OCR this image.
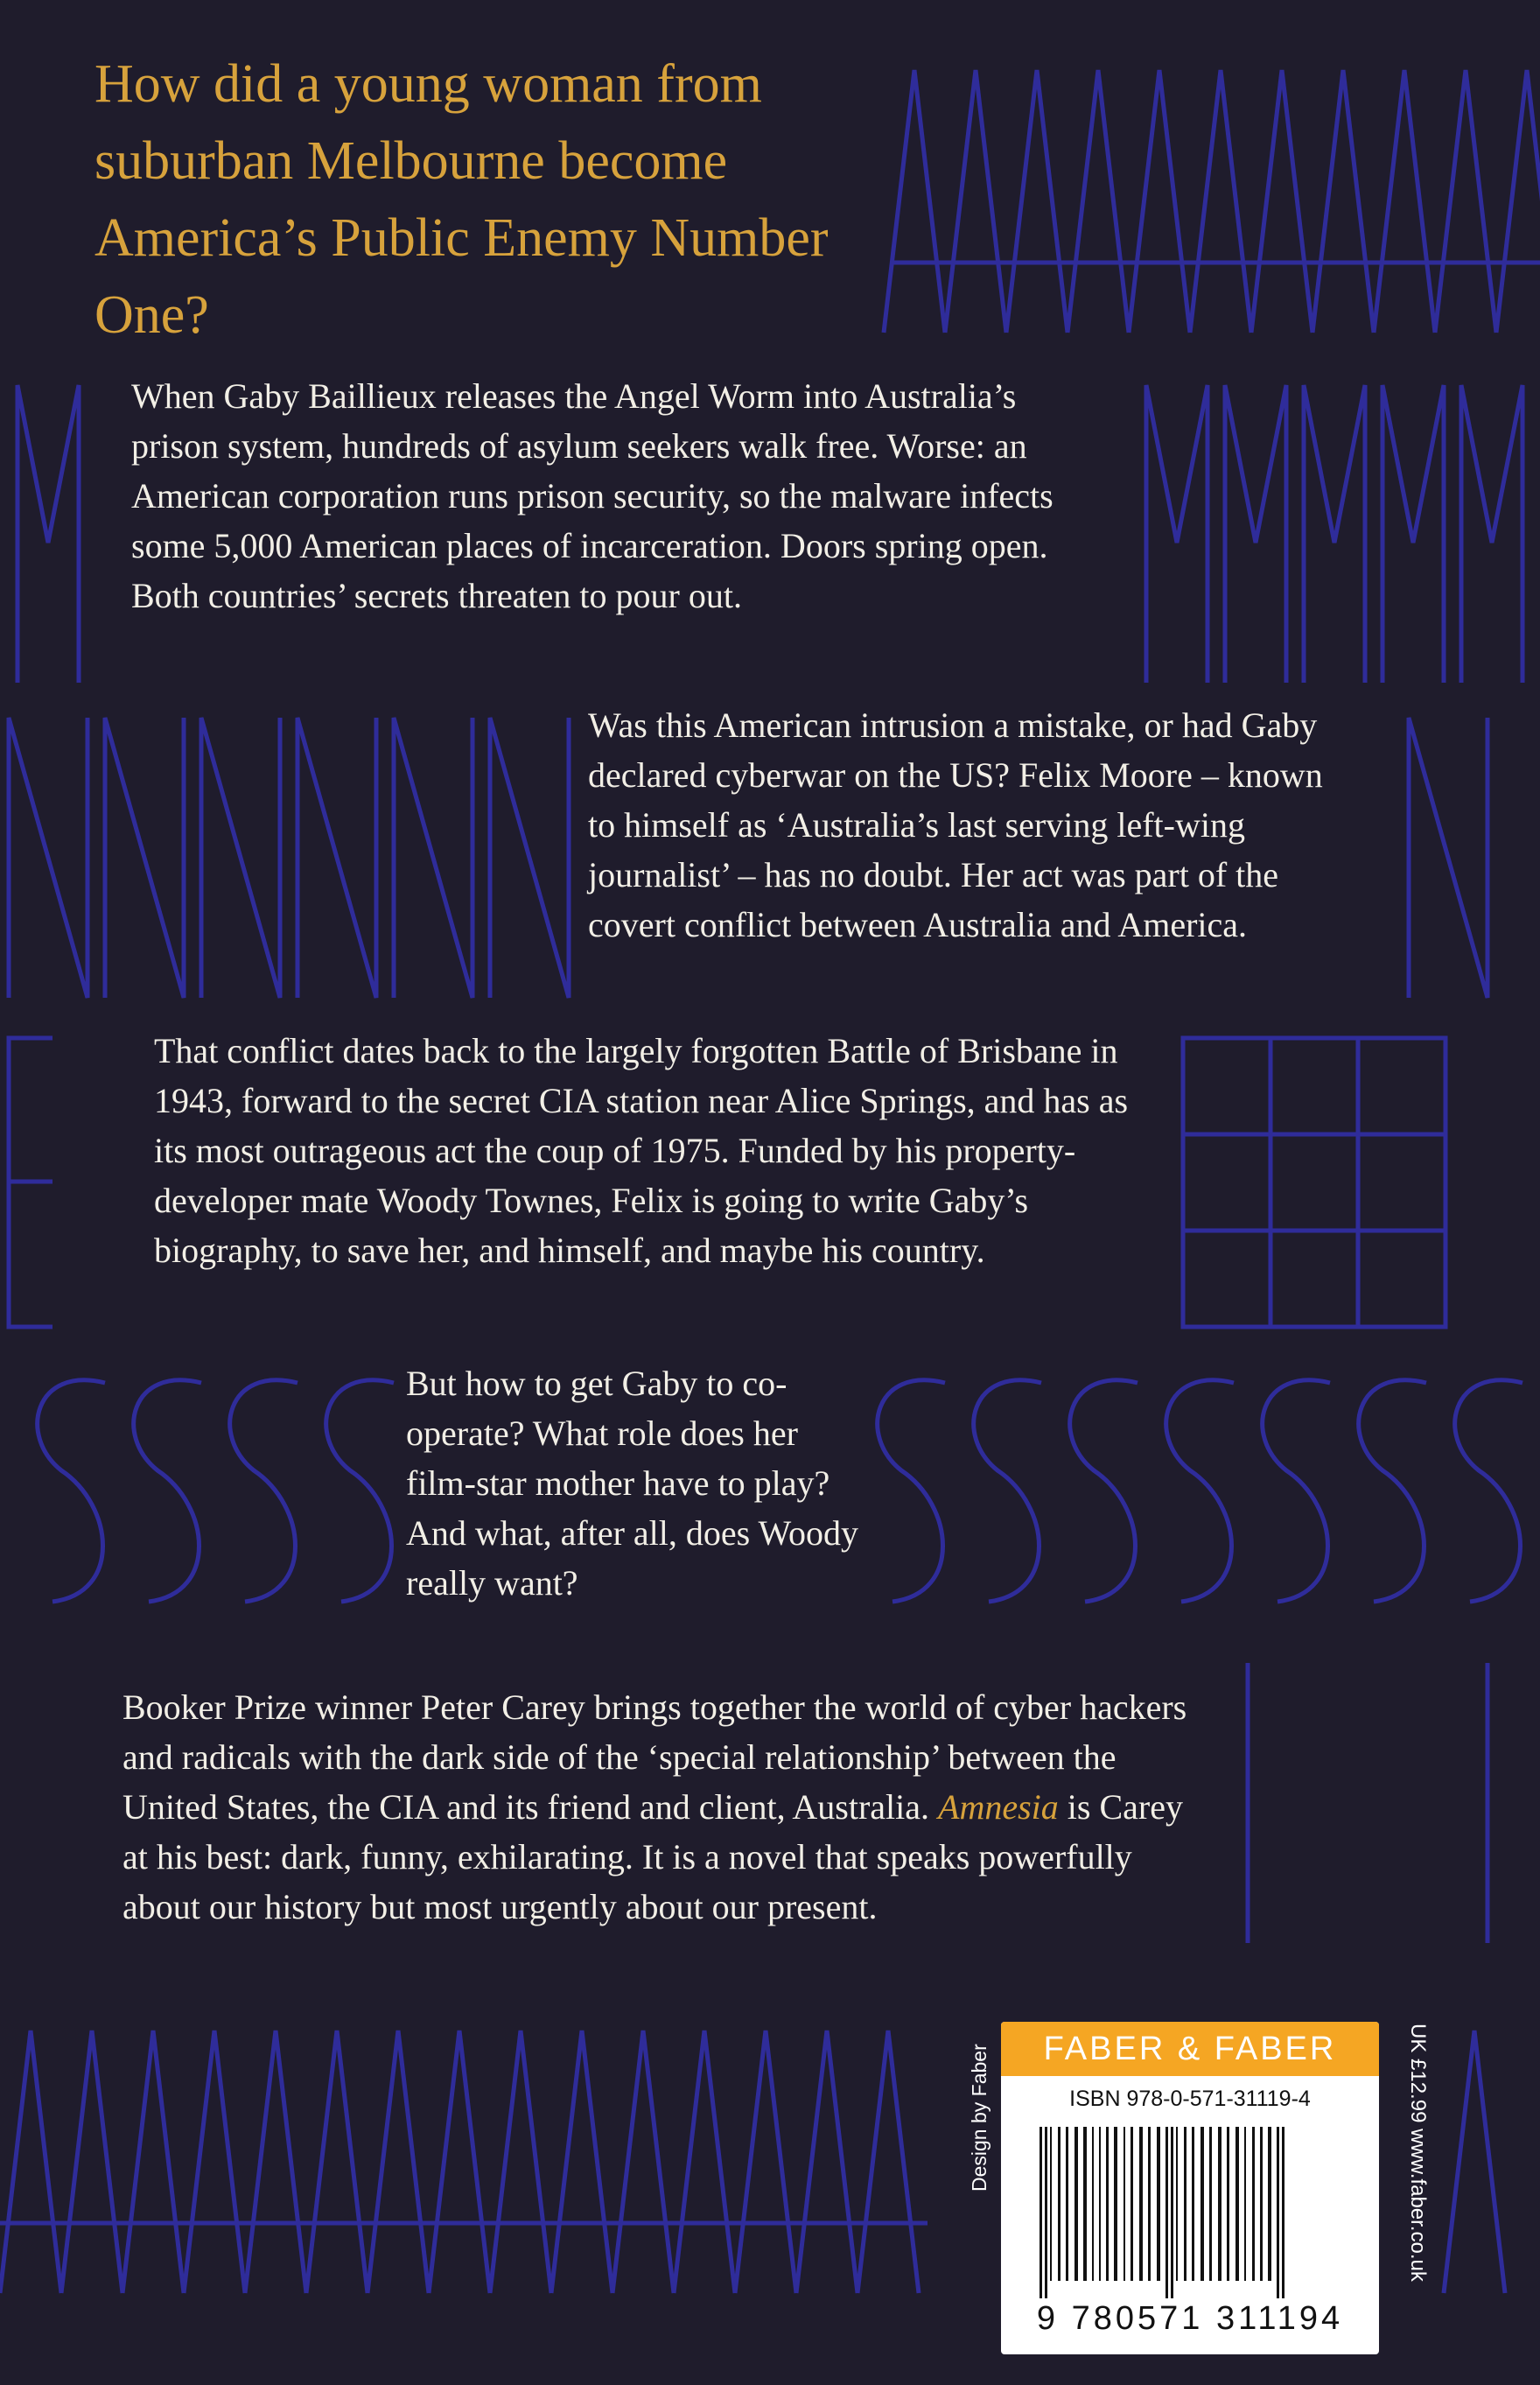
How did a young woman from suburban Melbourne become America’s Public Enemy Number One?

When Gaby Baillieux releases the Angel Worm into Australia’s prison system, hundreds of asylum seekers walk free. Worse: an American corporation runs prison security, so the malware infects some 5,000 American places of incarceration. Doors spring open. Both countries’ secrets threaten to pour out.

Was this American intrusion a mistake, or had Gaby declared cyberwar on the US? Felix Moore – known to himself as ‘Australia’s last serving left-wing journalist’ – has no doubt. Her act was part of the covert conflict between Australia and America.

That conflict dates back to the largely forgotten Battle of Brisbane in 1943, forward to the secret CIA station near Alice Springs, and has as its most outrageous act the coup of 1975. Funded by his property-developer mate Woody Townes, Felix is going to write Gaby’s biography, to save her, and himself, and maybe his country.

But how to get Gaby to co-operate? What role does her film-star mother have to play? And what, after all, does Woody really want?

Booker Prize winner Peter Carey brings together the world of cyber hackers and radicals with the dark side of the ‘special relationship’ between the United States, the CIA and its friend and client, Australia. Amnesia is Carey at his best: dark, funny, exhilarating. It is a novel that speaks powerfully about our history but most urgently about our present.

Design by Faber	UK £12.99 www.faber.co.uk
FABER & FABER
ISBN 978-0-571-31119-4
9 780571 311194
